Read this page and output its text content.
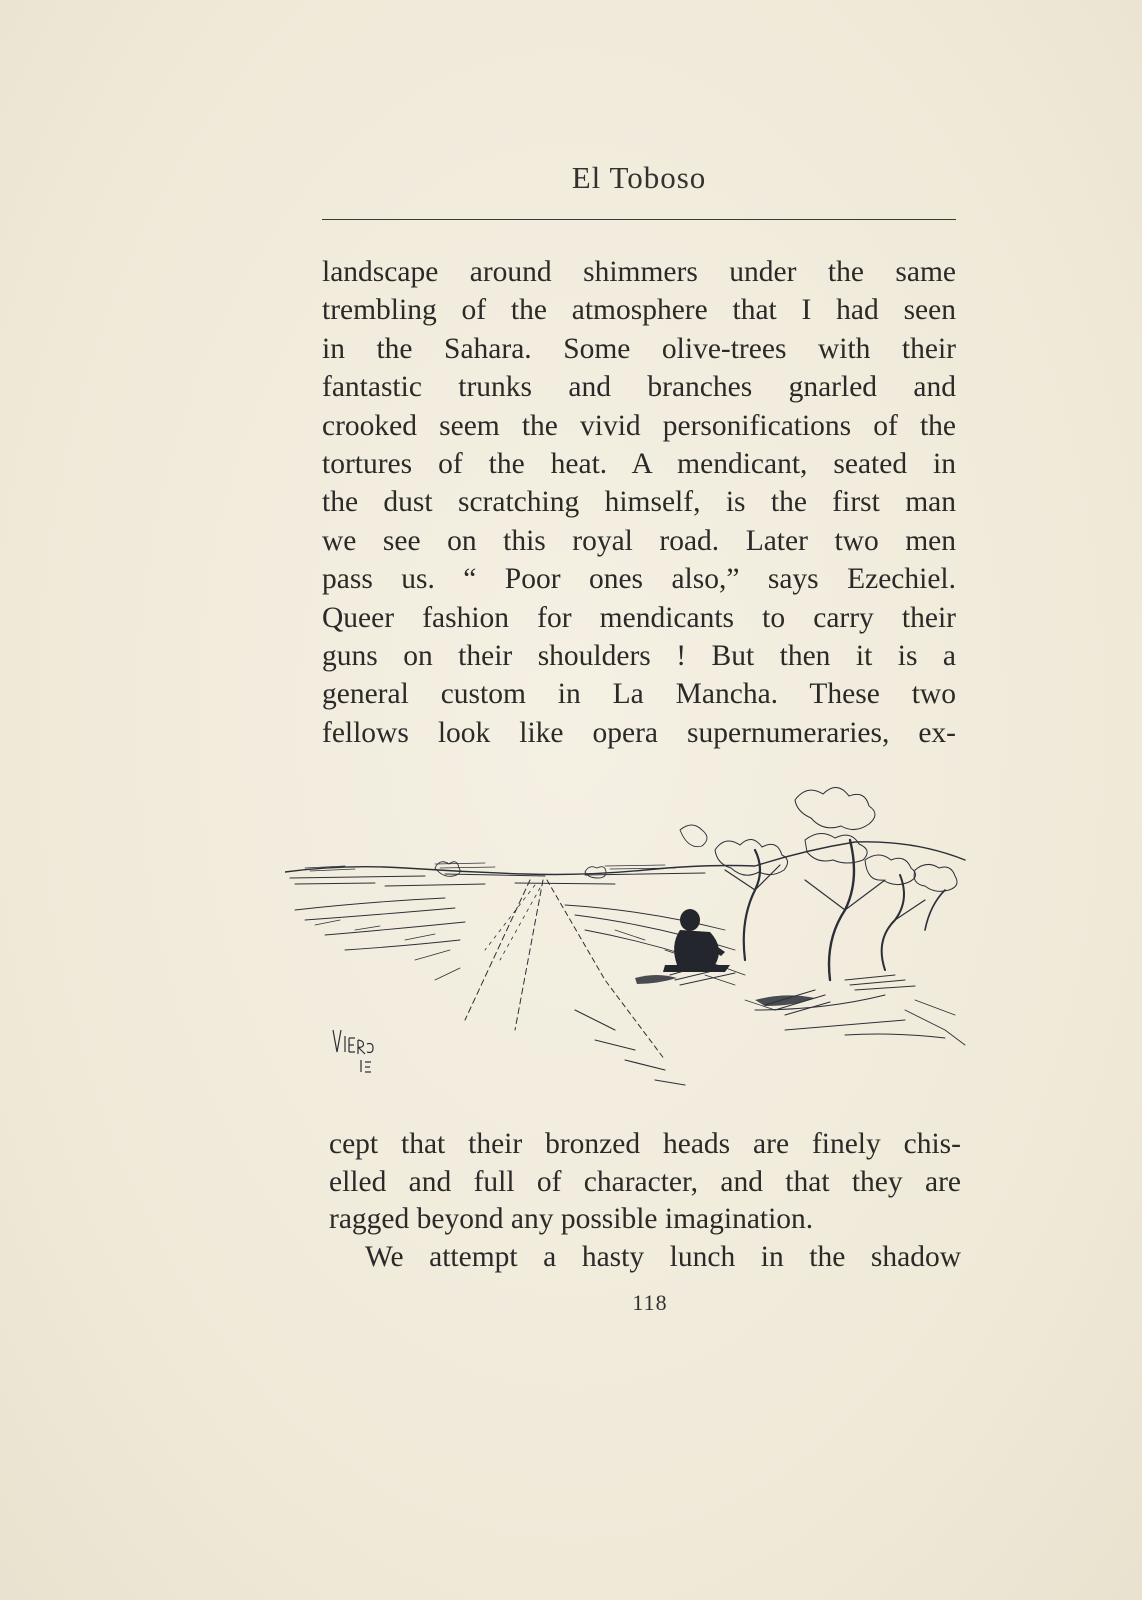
El Toboso
landscape around shimmers under the same
trembling of the atmosphere that I had seen
in the Sahara. Some olive-trees with their
fantastic trunks and branches gnarled and
crooked seem the vivid personifications of the
tortures of the heat. A mendicant, seated in
the dust scratching himself, is the first man
we see on this royal road. Later two men
pass us. “ Poor ones also,” says Ezechiel.
Queer fashion for mendicants to carry their
guns on their shoulders ! But then it is a
general custom in La Mancha. These two
fellows look like opera supernumeraries, ex-
cept that their bronzed heads are finely chis-
elled and full of character, and that they are
ragged beyond any possible imagination.
We attempt a hasty lunch in the shadow
118
